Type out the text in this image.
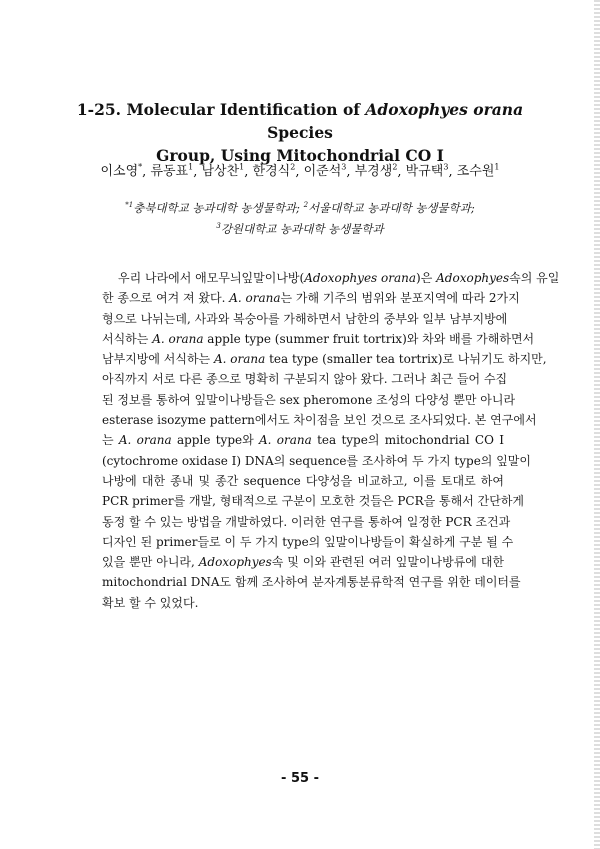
1-25. Molecular Identification of Adoxophyes orana Species
Group, Using Mitochondrial CO I
이소영*, 류동표$^1$, 남상찬$^1$, 한경식$^2$, 이준석$^3$, 부경생$^2$, 박규택$^3$, 조수원$^1$
$^{*1}$충북대학교 농과대학 농생물학과; $^2$서울대학교 농과대학 농생물학과;
$^3$강원대학교 농과대학 농생물학과
우리 나라에서 애모무늬잎말이나방(Adoxophyes orana)은 Adoxophyes속의 유일
한 종으로 여겨 져 왔다. A. orana는 가해 기주의 범위와 분포지역에 따라 2가지
형으로 나뉘는데, 사과와 복숭아를 가해하면서 남한의 중부와 일부 남부지방에
서식하는 A. orana apple type (summer fruit tortrix)와 차와 배를 가해하면서
남부지방에 서식하는 A. orana tea type (smaller tea tortrix)로 나뉘기도 하지만,
아직까지 서로 다른 종으로 명확히 구분되지 않아 왔다. 그러나 최근 들어 수집
된 정보를 통하여 잎말이나방들은 sex pheromone 조성의 다양성 뿐만 아니라
esterase isozyme pattern에서도 차이점을 보인 것으로 조사되었다. 본 연구에서
는 A. orana apple type와 A. orana tea type의 mitochondrial CO I
(cytochrome oxidase I) DNA의 sequence를 조사하여 두 가지 type의 잎말이
나방에 대한 종내 및 종간 sequence 다양성을 비교하고, 이를 토대로 하여
PCR primer를 개발, 형태적으로 구분이 모호한 것들은 PCR을 통해서 간단하게
동정 할 수 있는 방법을 개발하였다. 이러한 연구를 통하여 일정한 PCR 조건과
디자인 된 primer들로 이 두 가지 type의 잎말이나방들이 확실하게 구분 될 수
있을 뿐만 아니라, Adoxophyes속 및 이와 관련된 여러 잎말이나방류에 대한
mitochondrial DNA도 함께 조사하여 분자계통분류학적 연구를 위한 데이터를
확보 할 수 있었다.
- 55 -
